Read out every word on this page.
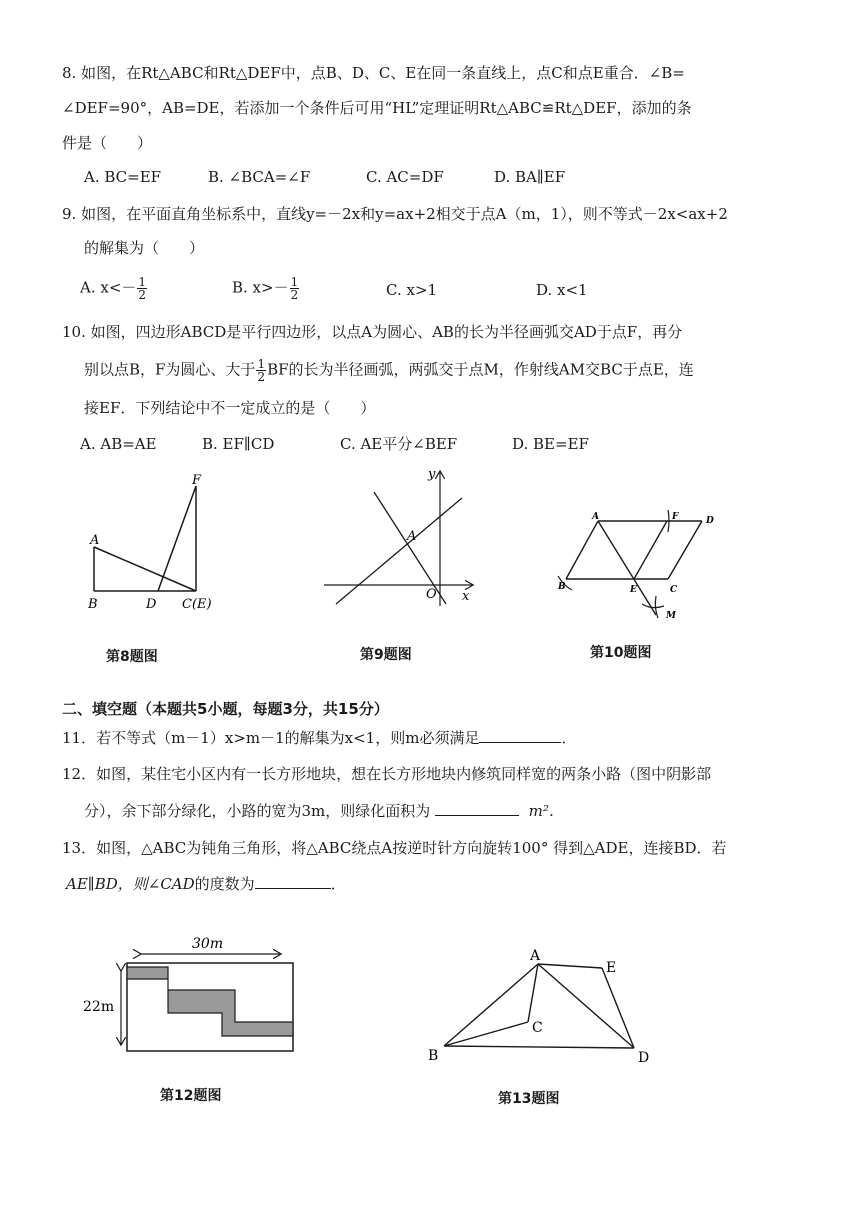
8. 如图，在Rt△ABC和Rt△DEF中，点B、D、C、E在同一条直线上，点C和点E重合．∠B=
∠DEF=90°，AB=DE，若添加一个条件后可用“HL”定理证明Rt△ABC≌Rt△DEF，添加的条
件是（　　）
A. BC=EF	B. ∠BCA=∠F	C. AC=DF	D. BA∥EF
9. 如图，在平面直角坐标系中，直线y=－2x和y=ax+2相交于点A（m，1），则不等式－2x<ax+2
的解集为（　　）
A. $x<- \frac{1}{2}$	B. $x>- \frac{1}{2}$	C. x>1	D. x<1
10. 如图，四边形ABCD是平行四边形，以点A为圆心、AB的长为半径画弧交AD于点F，再分
别以点B，F为圆心、大于 $\frac{1}{2}$ BF的长为半径画弧，两弧交于点M，作射线AM交BC于点E，连
接EF．下列结论中不一定成立的是（　　）
A. AB=AE	B. EF∥CD	C. AE平分∠BEF	D. BE=EF
F
A
B	D C(E)
第8题图
y
A
O x
第9题图
A	F	D
B	E	C
M
第10题图
二、填空题（本题共5小题，每题3分，共15分）
11．若不等式（m－1）x>m－1的解集为x<1，则m必须满足	．
12．如图，某住宅小区内有一长方形地块，想在长方形地块内修筑同样宽的两条小路（图中阴影部
分），余下部分绿化，小路的宽为3m，则绿化面积为	m²．
13．如图，△ABC为钝角三角形，将△ABC绕点A按逆时针方向旋转100° 得到△ADE，连接BD．若
AE∥BD，则∠CAD的度数为	．
30m
22m
第12题图
A
E
C
B	D
第13题图
